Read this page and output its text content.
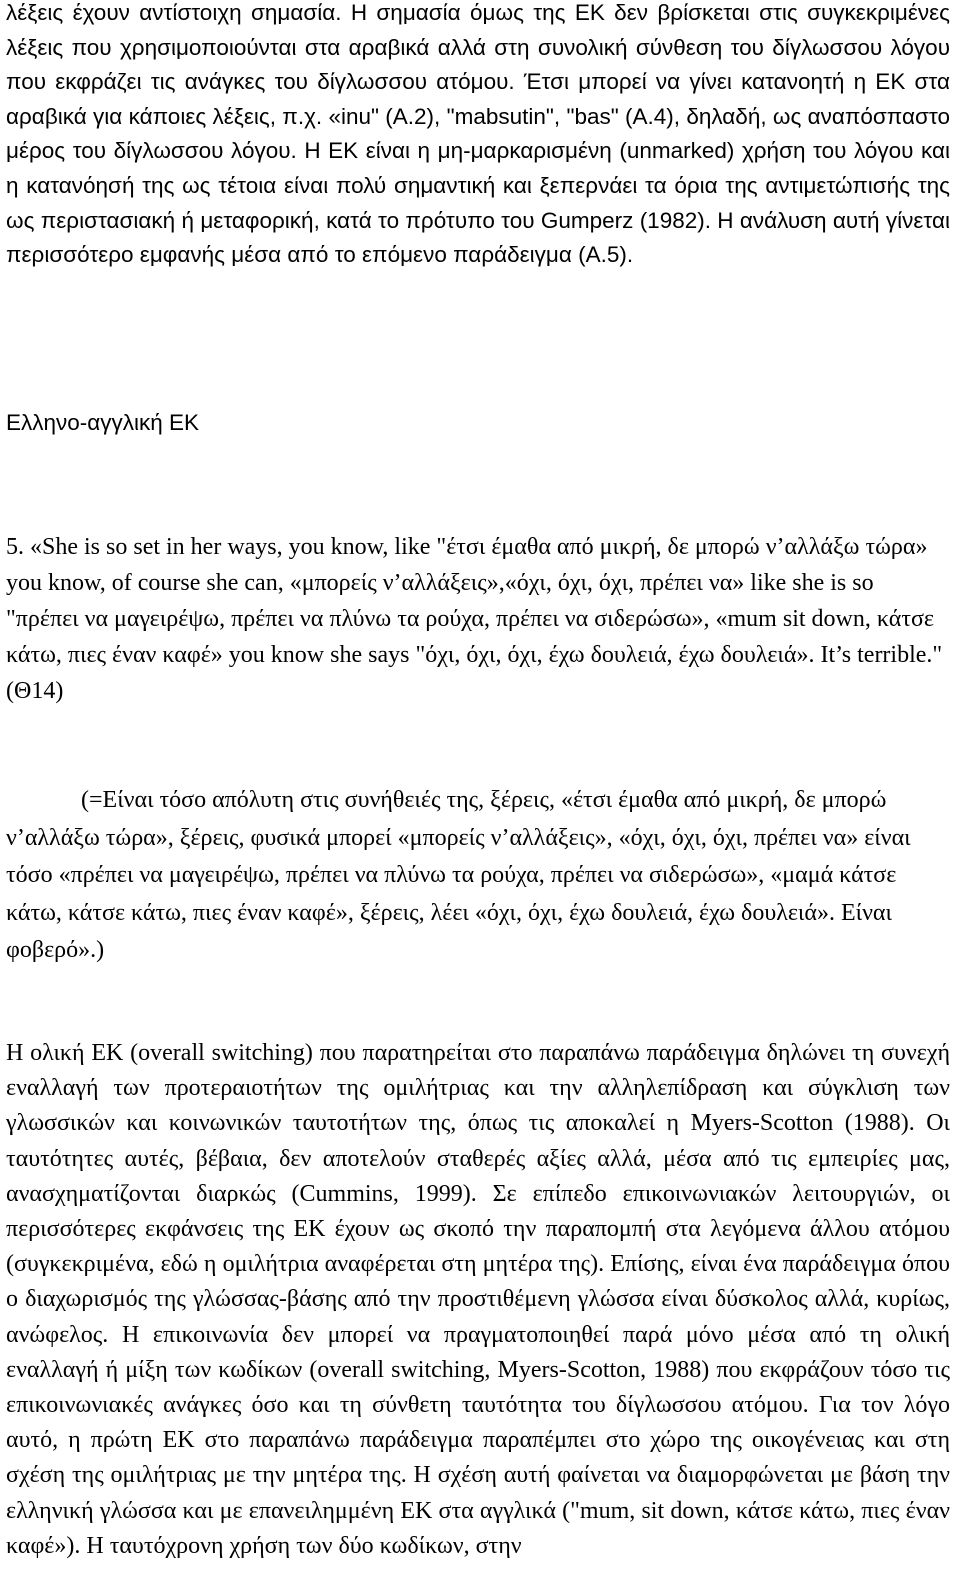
λέξεις έχουν αντίστοιχη σημασία. Η σημασία όμως της ΕΚ δεν βρίσκεται στις συγκεκριμένες λέξεις που χρησιμοποιούνται στα αραβικά αλλά στη συνολική σύνθεση του δίγλωσσου λόγου που εκφράζει τις ανάγκες του δίγλωσσου ατόμου. Έτσι μπορεί να γίνει κατανοητή η ΕΚ στα αραβικά για κάποιες λέξεις, π.χ. «inu" (Α.2), "mabsutin", "bas" (Α.4), δηλαδή, ως αναπόσπαστο μέρος του δίγλωσσου λόγου. Η ΕΚ είναι η μη-μαρκαρισμένη (unmarked) χρήση του λόγου και η κατανόησή της ως τέτοια είναι πολύ σημαντική και ξεπερνάει τα όρια της αντιμετώπισής της ως περιστασιακή ή μεταφορική, κατά το πρότυπο του Gumperz (1982). Η ανάλυση αυτή γίνεται περισσότερο εμφανής μέσα από το επόμενο παράδειγμα (Α.5).

Ελληνο-αγγλική ΕΚ

5. «She is so set in her ways, you know, like "έτσι έμαθα από μικρή, δε μπορώ ν’αλλάξω τώρα» you know, of course she can, «μπορείς ν’αλλάξεις»,«όχι, όχι, όχι, πρέπει να» like she is so "πρέπει να μαγειρέψω, πρέπει να πλύνω τα ρούχα, πρέπει να σιδερώσω», «mum sit down, κάτσε κάτω, πιες έναν καφέ» you know she says "όχι, όχι, όχι, έχω δουλειά, έχω δουλειά». It’s terrible." (Θ14)

(=Είναι τόσο απόλυτη στις συνήθειές της, ξέρεις, «έτσι έμαθα από μικρή, δε μπορώ ν’αλλάξω τώρα», ξέρεις, φυσικά μπορεί «μπορείς ν’αλλάξεις», «όχι, όχι, όχι, πρέπει να» είναι τόσο «πρέπει να μαγειρέψω, πρέπει να πλύνω τα ρούχα, πρέπει να σιδερώσω», «μαμά κάτσε κάτω, κάτσε κάτω, πιες έναν καφέ», ξέρεις, λέει «όχι, όχι, έχω δουλειά, έχω δουλειά». Είναι φοβερό».)

Η ολική ΕΚ (overall switching) που παρατηρείται στο παραπάνω παράδειγμα δηλώνει τη συνεχή εναλλαγή των προτεραιοτήτων της ομιλήτριας και την αλληλεπίδραση και σύγκλιση των γλωσσικών και κοινωνικών ταυτοτήτων της, όπως τις αποκαλεί η Myers-Scotton (1988). Οι ταυτότητες αυτές, βέβαια, δεν αποτελούν σταθερές αξίες αλλά, μέσα από τις εμπειρίες μας, ανασχηματίζονται διαρκώς (Cummins, 1999). Σε επίπεδο επικοινωνιακών λειτουργιών, οι περισσότερες εκφάνσεις της ΕΚ έχουν ως σκοπό την παραπομπή στα λεγόμενα άλλου ατόμου (συγκεκριμένα, εδώ η ομιλήτρια αναφέρεται στη μητέρα της). Επίσης, είναι ένα παράδειγμα όπου ο διαχωρισμός της γλώσσας-βάσης από την προστιθέμενη γλώσσα είναι δύσκολος αλλά, κυρίως, ανώφελος. Η επικοινωνία δεν μπορεί να πραγματοποιηθεί παρά μόνο μέσα από τη ολική εναλλαγή ή μίξη των κωδίκων (overall switching, Myers-Scotton, 1988) που εκφράζουν τόσο τις επικοινωνιακές ανάγκες όσο και τη σύνθετη ταυτότητα του δίγλωσσου ατόμου. Για τον λόγο αυτό, η πρώτη ΕΚ στο παραπάνω παράδειγμα παραπέμπει στο χώρο της οικογένειας και στη σχέση της ομιλήτριας με την μητέρα της. Η σχέση αυτή φαίνεται να διαμορφώνεται με βάση την ελληνική γλώσσα και με επανειλημμένη ΕΚ στα αγγλικά ("mum, sit down, κάτσε κάτω, πιες έναν καφέ»). Η ταυτόχρονη χρήση των δύο κωδίκων, στην
